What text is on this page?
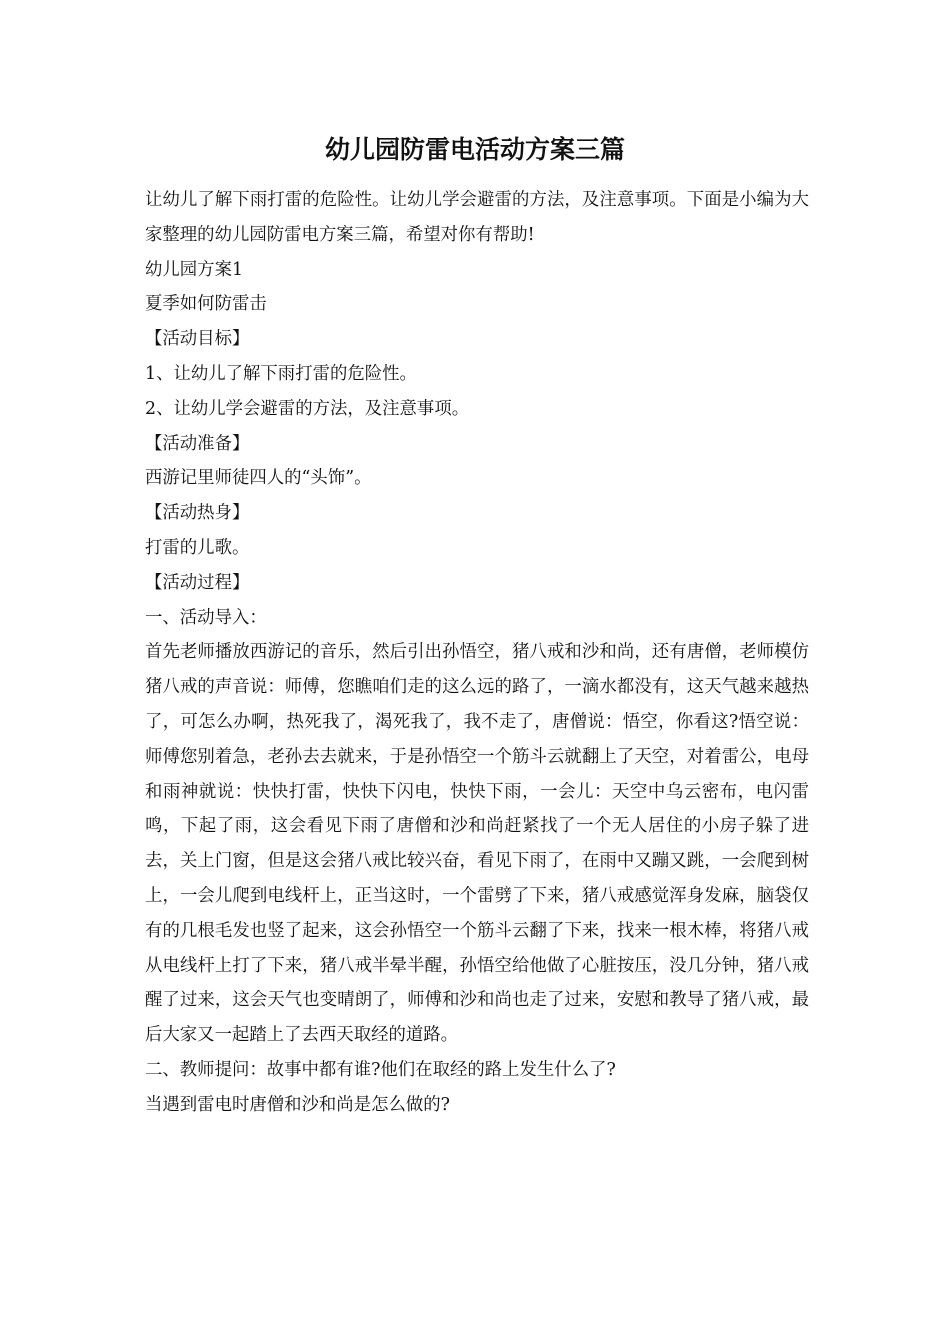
幼儿园防雷电活动方案三篇

让幼儿了解下雨打雷的危险性。让幼儿学会避雷的方法，及注意事项。下面是小编为大家整理的幼儿园防雷电方案三篇，希望对你有帮助!

幼儿园方案1

夏季如何防雷击

【活动目标】

1、让幼儿了解下雨打雷的危险性。

2、让幼儿学会避雷的方法，及注意事项。

【活动准备】

西游记里师徒四人的“头饰”。

【活动热身】

打雷的儿歌。

【活动过程】

一、活动导入：

首先老师播放西游记的音乐，然后引出孙悟空，猪八戒和沙和尚，还有唐僧，老师模仿猪八戒的声音说：师傅，您瞧咱们走的这么远的路了，一滴水都没有，这天气越来越热了，可怎么办啊，热死我了，渴死我了，我不走了，唐僧说：悟空，你看这?悟空说：师傅您别着急，老孙去去就来，于是孙悟空一个筋斗云就翻上了天空，对着雷公，电母和雨神就说：快快打雷，快快下闪电，快快下雨，一会儿：天空中乌云密布，电闪雷鸣，下起了雨，这会看见下雨了唐僧和沙和尚赶紧找了一个无人居住的小房子躲了进去，关上门窗，但是这会猪八戒比较兴奋，看见下雨了，在雨中又蹦又跳，一会爬到树上，一会儿爬到电线杆上，正当这时，一个雷劈了下来，猪八戒感觉浑身发麻，脑袋仅有的几根毛发也竖了起来，这会孙悟空一个筋斗云翻了下来，找来一根木棒，将猪八戒从电线杆上打了下来，猪八戒半晕半醒，孙悟空给他做了心脏按压，没几分钟，猪八戒醒了过来，这会天气也变晴朗了，师傅和沙和尚也走了过来，安慰和教导了猪八戒，最后大家又一起踏上了去西天取经的道路。

二、教师提问：故事中都有谁?他们在取经的路上发生什么了?

当遇到雷电时唐僧和沙和尚是怎么做的?
